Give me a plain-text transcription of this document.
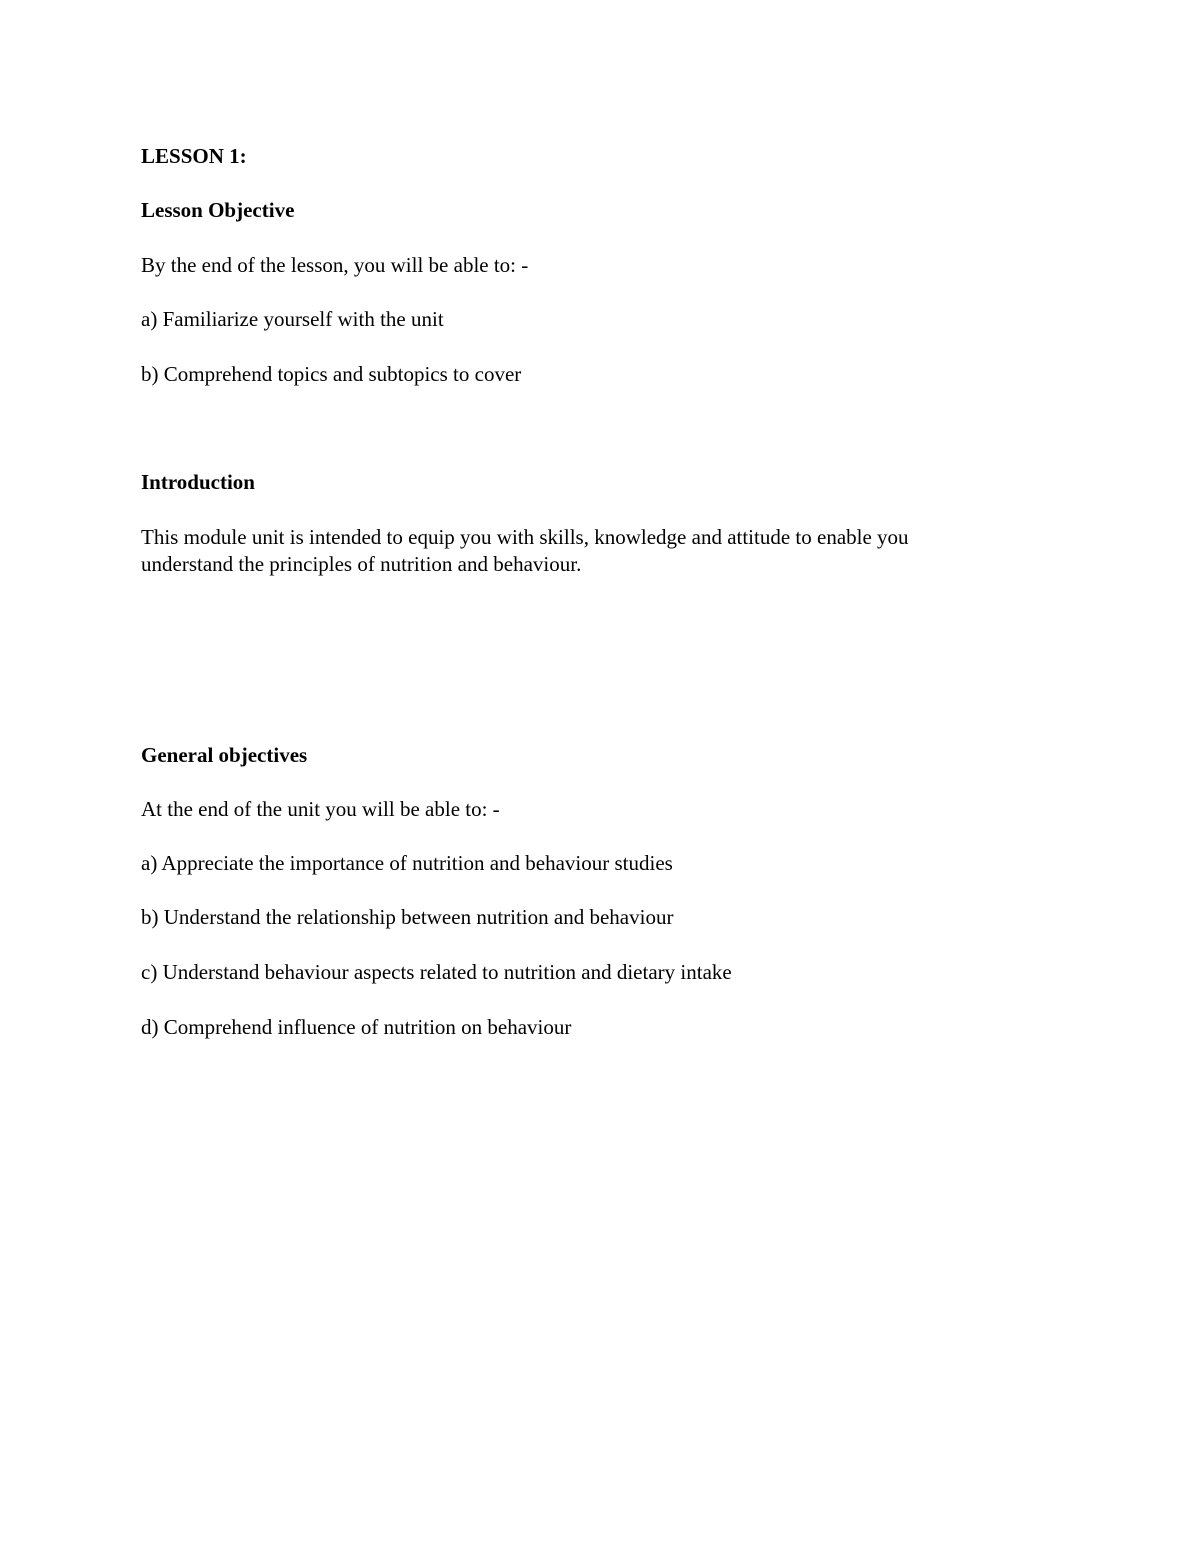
LESSON 1:
Lesson Objective

By the end of the lesson, you will be able to: -

a) Familiarize yourself with the unit

b) Comprehend topics and subtopics to cover

Introduction

This module unit is intended to equip you with skills, knowledge and attitude to enable you

understand the principles of nutrition and behaviour.

General objectives

At the end of the unit you will be able to: -

a) Appreciate the importance of nutrition and behaviour studies

b) Understand the relationship between nutrition and behaviour

c) Understand behaviour aspects related to nutrition and dietary intake

d) Comprehend influence of nutrition on behaviour
